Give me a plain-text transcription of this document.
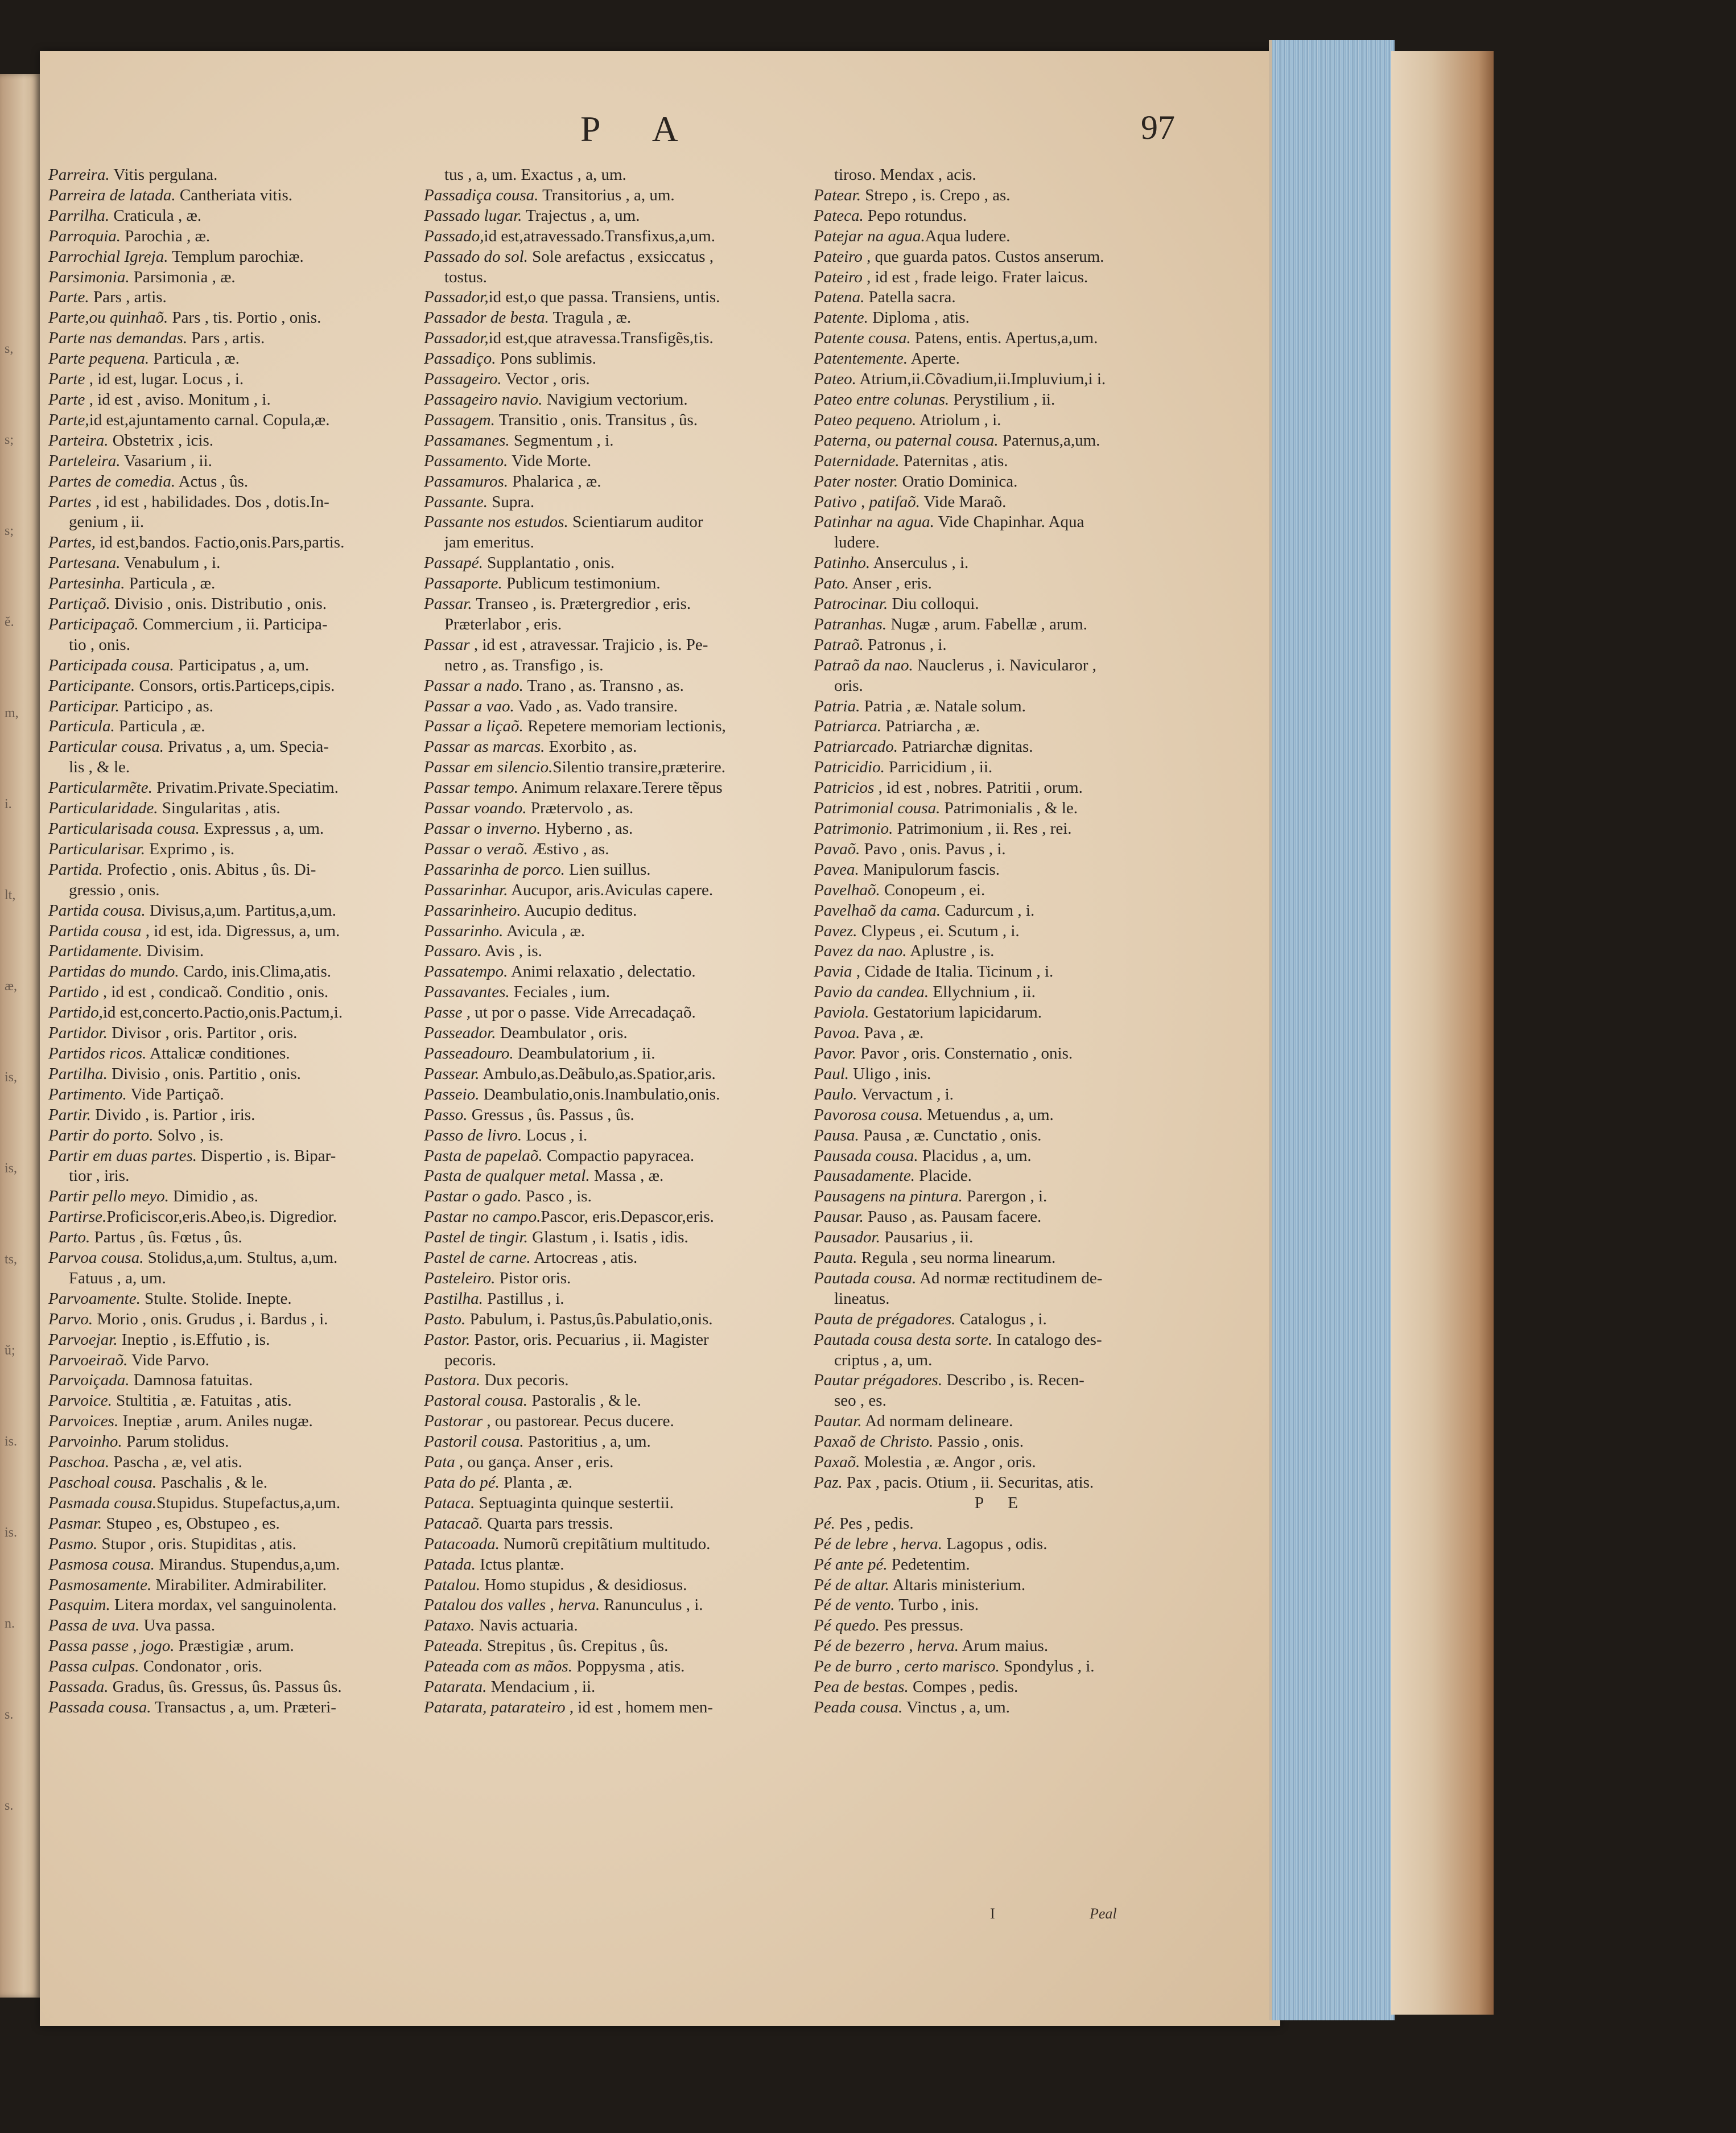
s,
s;
s;
ĕ.
m,
i.
lt,
æ,
is,
is,
ts,
ŭ;
is.
is.
n.
s.
s.
P A	97
Parreira. Vitis pergulana.
Parreira de latada. Cantheriata vitis.
Parrilha. Craticula , æ.
Parroquia. Parochia , æ.
Parrochial Igreja. Templum parochiæ.
Parsimonia. Parsimonia , æ.
Parte. Pars , artis.
Parte,ou quinhaõ. Pars , tis. Portio , onis.
Parte nas demandas. Pars , artis.
Parte pequena. Particula , æ.
Parte , id est, lugar. Locus , i.
Parte , id est , aviso. Monitum , i.
Parte,id est,ajuntamento carnal. Copula,æ.
Parteira. Obstetrix , icis.
Parteleira. Vasarium , ii.
Partes de comedia. Actus , ûs.
Partes , id est , habilidades. Dos , dotis.In-
genium , ii.
Partes, id est,bandos. Factio,onis.Pars,partis.
Partesana. Venabulum , i.
Partesinha. Particula , æ.
Partiçaõ. Divisio , onis. Distributio , onis.
Participaçaõ. Commercium , ii. Participa-
tio , onis.
Participada cousa. Participatus , a, um.
Participante. Consors, ortis.Particeps,cipis.
Participar. Participo , as.
Particula. Particula , æ.
Particular cousa. Privatus , a, um. Specia-
lis , & le.
Particularmẽte. Privatim.Private.Speciatim.
Particularidade. Singularitas , atis.
Particularisada cousa. Expressus , a, um.
Particularisar. Exprimo , is.
Partida. Profectio , onis. Abitus , ûs. Di-
gressio , onis.
Partida cousa. Divisus,a,um. Partitus,a,um.
Partida cousa , id est, ida. Digressus, a, um.
Partidamente. Divisim.
Partidas do mundo. Cardo, inis.Clima,atis.
Partido , id est , condicaõ. Conditio , onis.
Partido,id est,concerto.Pactio,onis.Pactum,i.
Partidor. Divisor , oris. Partitor , oris.
Partidos ricos. Attalicæ conditiones.
Partilha. Divisio , onis. Partitio , onis.
Partimento. Vide Partiçaõ.
Partir. Divido , is. Partior , iris.
Partir do porto. Solvo , is.
Partir em duas partes. Dispertio , is. Bipar-
tior , iris.
Partir pello meyo. Dimidio , as.
Partirse.Proficiscor,eris.Abeo,is. Digredior.
Parto. Partus , ûs. Fœtus , ûs.
Parvoa cousa. Stolidus,a,um. Stultus, a,um.
Fatuus , a, um.
Parvoamente. Stulte. Stolide. Inepte.
Parvo. Morio , onis. Grudus , i. Bardus , i.
Parvoejar. Ineptio , is.Effutio , is.
Parvoeiraõ. Vide Parvo.
Parvoiçada. Damnosa fatuitas.
Parvoice. Stultitia , æ. Fatuitas , atis.
Parvoices. Ineptiæ , arum. Aniles nugæ.
Parvoinho. Parum stolidus.
Paschoa. Pascha , æ, vel atis.
Paschoal cousa. Paschalis , & le.
Pasmada cousa.Stupidus. Stupefactus,a,um.
Pasmar. Stupeo , es, Obstupeo , es.
Pasmo. Stupor , oris. Stupiditas , atis.
Pasmosa cousa. Mirandus. Stupendus,a,um.
Pasmosamente. Mirabiliter. Admirabiliter.
Pasquim. Litera mordax, vel sanguinolenta.
Passa de uva. Uva passa.
Passa passe , jogo. Præstigiæ , arum.
Passa culpas. Condonator , oris.
Passada. Gradus, ûs. Gressus, ûs. Passus ûs.
Passada cousa. Transactus , a, um. Præteri-
tus , a, um. Exactus , a, um.
Passadiça cousa. Transitorius , a, um.
Passado lugar. Trajectus , a, um.
Passado,id est,atravessado.Transfixus,a,um.
Passado do sol. Sole arefactus , exsiccatus ,
tostus.
Passador,id est,o que passa. Transiens, untis.
Passador de besta. Tragula , æ.
Passador,id est,que atravessa.Transfigẽs,tis.
Passadiço. Pons sublimis.
Passageiro. Vector , oris.
Passageiro navio. Navigium vectorium.
Passagem. Transitio , onis. Transitus , ûs.
Passamanes. Segmentum , i.
Passamento. Vide Morte.
Passamuros. Phalarica , æ.
Passante. Supra.
Passante nos estudos. Scientiarum auditor
jam emeritus.
Passapé. Supplantatio , onis.
Passaporte. Publicum testimonium.
Passar. Transeo , is. Prætergredior , eris.
Præterlabor , eris.
Passar , id est , atravessar. Trajicio , is. Pe-
netro , as. Transfigo , is.
Passar a nado. Trano , as. Transno , as.
Passar a vao. Vado , as. Vado transire.
Passar a liçaõ. Repetere memoriam lectionis,
Passar as marcas. Exorbito , as.
Passar em silencio.Silentio transire,præterire.
Passar tempo. Animum relaxare.Terere tẽpus
Passar voando. Prætervolo , as.
Passar o inverno. Hyberno , as.
Passar o veraõ. Æstivo , as.
Passarinha de porco. Lien suillus.
Passarinhar. Aucupor, aris.Aviculas capere.
Passarinheiro. Aucupio deditus.
Passarinho. Avicula , æ.
Passaro. Avis , is.
Passatempo. Animi relaxatio , delectatio.
Passavantes. Feciales , ium.
Passe , ut por o passe. Vide Arrecadaçaõ.
Passeador. Deambulator , oris.
Passeadouro. Deambulatorium , ii.
Passear. Ambulo,as.Deãbulo,as.Spatior,aris.
Passeio. Deambulatio,onis.Inambulatio,onis.
Passo. Gressus , ûs. Passus , ûs.
Passo de livro. Locus , i.
Pasta de papelaõ. Compactio papyracea.
Pasta de qualquer metal. Massa , æ.
Pastar o gado. Pasco , is.
Pastar no campo.Pascor, eris.Depascor,eris.
Pastel de tingir. Glastum , i. Isatis , idis.
Pastel de carne. Artocreas , atis.
Pasteleiro. Pistor oris.
Pastilha. Pastillus , i.
Pasto. Pabulum, i. Pastus,ûs.Pabulatio,onis.
Pastor. Pastor, oris. Pecuarius , ii. Magister
pecoris.
Pastora. Dux pecoris.
Pastoral cousa. Pastoralis , & le.
Pastorar , ou pastorear. Pecus ducere.
Pastoril cousa. Pastoritius , a, um.
Pata , ou gança. Anser , eris.
Pata do pé. Planta , æ.
Pataca. Septuaginta quinque sestertii.
Patacaõ. Quarta pars tressis.
Patacoada. Numorũ crepitãtium multitudo.
Patada. Ictus plantæ.
Patalou. Homo stupidus , & desidiosus.
Patalou dos valles , herva. Ranunculus , i.
Pataxo. Navis actuaria.
Pateada. Strepitus , ûs. Crepitus , ûs.
Pateada com as mãos. Poppysma , atis.
Patarata. Mendacium , ii.
Patarata, patarateiro , id est , homem men-
tiroso. Mendax , acis.
Patear. Strepo , is. Crepo , as.
Pateca. Pepo rotundus.
Patejar na agua.Aqua ludere.
Pateiro , que guarda patos. Custos anserum.
Pateiro , id est , frade leigo. Frater laicus.
Patena. Patella sacra.
Patente. Diploma , atis.
Patente cousa. Patens, entis. Apertus,a,um.
Patentemente. Aperte.
Pateo. Atrium,ii.Cõvadium,ii.Impluvium,i i.
Pateo entre colunas. Perystilium , ii.
Pateo pequeno. Atriolum , i.
Paterna, ou paternal cousa. Paternus,a,um.
Paternidade. Paternitas , atis.
Pater noster. Oratio Dominica.
Pativo , patifaõ. Vide Maraõ.
Patinhar na agua. Vide Chapinhar. Aqua
ludere.
Patinho. Anserculus , i.
Pato. Anser , eris.
Patrocinar. Diu colloqui.
Patranhas. Nugæ , arum. Fabellæ , arum.
Patraõ. Patronus , i.
Patraõ da nao. Nauclerus , i. Navicularor ,
oris.
Patria. Patria , æ. Natale solum.
Patriarca. Patriarcha , æ.
Patriarcado. Patriarchæ dignitas.
Patricidio. Parricidium , ii.
Patricios , id est , nobres. Patritii , orum.
Patrimonial cousa. Patrimonialis , & le.
Patrimonio. Patrimonium , ii. Res , rei.
Pavaõ. Pavo , onis. Pavus , i.
Pavea. Manipulorum fascis.
Pavelhaõ. Conopeum , ei.
Pavelhaõ da cama. Cadurcum , i.
Pavez. Clypeus , ei. Scutum , i.
Pavez da nao. Aplustre , is.
Pavia , Cidade de Italia. Ticinum , i.
Pavio da candea. Ellychnium , ii.
Paviola. Gestatorium lapicidarum.
Pavoa. Pava , æ.
Pavor. Pavor , oris. Consternatio , onis.
Paul. Uligo , inis.
Paulo. Vervactum , i.
Pavorosa cousa. Metuendus , a, um.
Pausa. Pausa , æ. Cunctatio , onis.
Pausada cousa. Placidus , a, um.
Pausadamente. Placide.
Pausagens na pintura. Parergon , i.
Pausar. Pauso , as. Pausam facere.
Pausador. Pausarius , ii.
Pauta. Regula , seu norma linearum.
Pautada cousa. Ad normæ rectitudinem de-
lineatus.
Pauta de prégadores. Catalogus , i.
Pautada cousa desta sorte. In catalogo des-
criptus , a, um.
Pautar prégadores. Describo , is. Recen-
seo , es.
Pautar. Ad normam delineare.
Paxaõ de Christo. Passio , onis.
Paxaõ. Molestia , æ. Angor , oris.
Paz. Pax , pacis. Otium , ii. Securitas, atis.
P E
Pé. Pes , pedis.
Pé de lebre , herva. Lagopus , odis.
Pé ante pé. Pedetentim.
Pé de altar. Altaris ministerium.
Pé de vento. Turbo , inis.
Pé quedo. Pes pressus.
Pé de bezerro , herva. Arum maius.
Pe de burro , certo marisco. Spondylus , i.
Pea de bestas. Compes , pedis.
Peada cousa. Vinctus , a, um.
Peal
I
